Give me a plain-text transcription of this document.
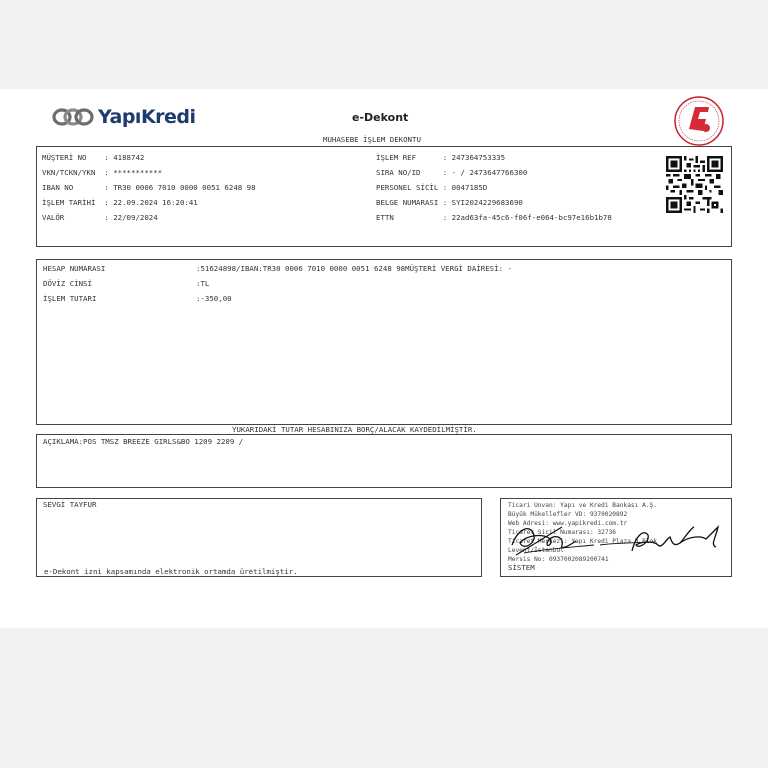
YapıKredi	e-Dekont
MUHASEBE İŞLEM DEKONTU
MÜŞTERİ NO    : 4188742
VKN/TCKN/YKN  : ***********
IBAN NO       : TR30 0006 7010 0000 0051 6248 98
İŞLEM TARİHİ  : 22.09.2024 16:20:41
VALÖR         : 22/09/2024
İŞLEM REF      : 247364753335
SIRA NO/ID     : - / 2473647766300
PERSONEL SİCİL : 0047185D
BELGE NUMARASI : SYI2024229683690
ETTN           : 22ad63fa-45c6-f06f-e064-bc97e16b1b78
HESAP NUMARASI	:51624898/IBAN:TR30 0006 7010 0000 0051 6248 98MÜŞTERİ VERGİ DAİRESİ: -
DÖVİZ CİNSİ	:TL
İŞLEM TUTARI	:-350,00
YUKARIDAKİ TUTAR HESABINIZA BORÇ/ALACAK KAYDEDİLMİŞTİR.
AÇIKLAMA:POS TMSZ BREEZE GIRLS&BO 1209 2209 /
SEVGİ TAYFUR
e-Dekont izni kapsamında elektronik ortamda üretilmiştir.
Ticari Unvan: Yapı ve Kredi Bankası A.Ş.
Büyük Mükellefler VD: 9370020892
Web Adresi: www.yapikredi.com.tr
Ticaret Sicil Numarası: 32736
Ticaret Merkezi: Yapı Kredi Plaza D Blok
Levent/İstanbul
Mersis No: 0937002089200741
SİSTEM
